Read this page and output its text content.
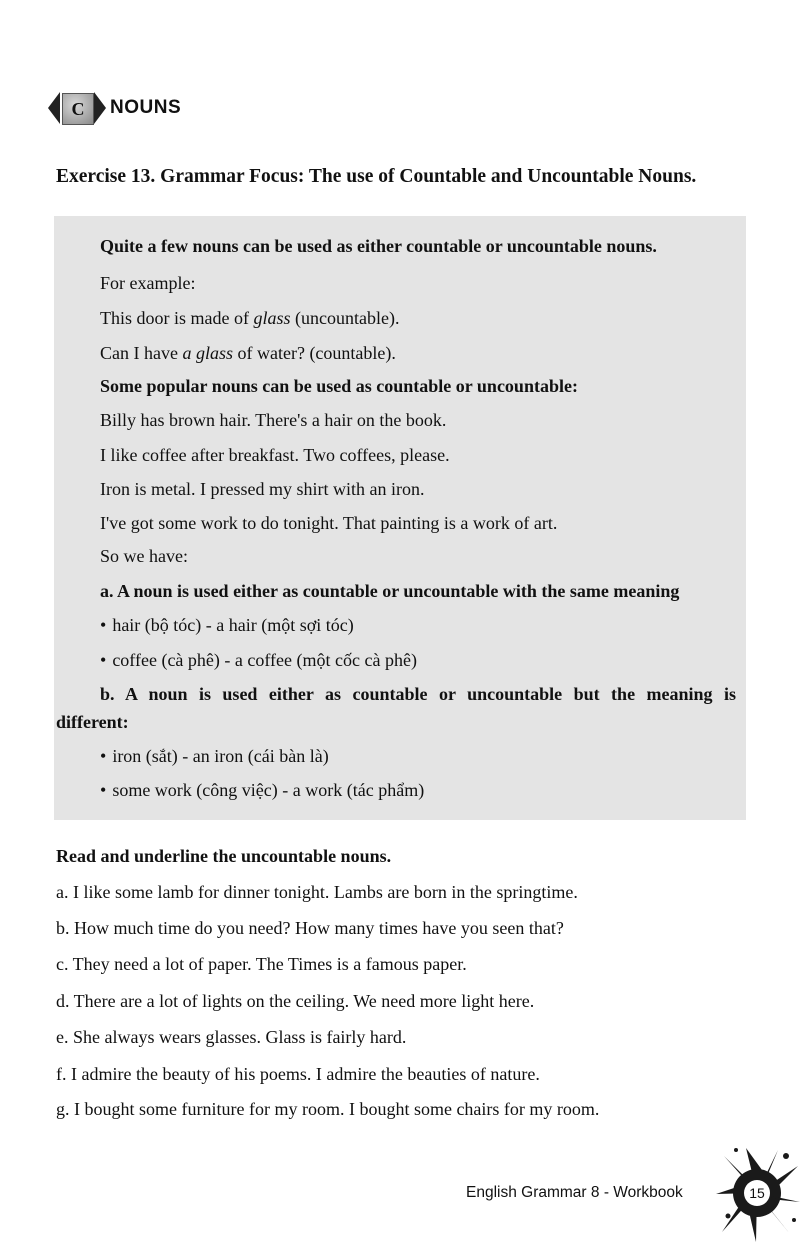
C	NOUNS
Exercise 13. Grammar Focus: The use of Countable and Uncountable Nouns.
Quite a few nouns can be used as either countable or uncountable nouns.
For example:
This door is made of glass (uncountable).
Can I have a glass of water? (countable).
Some popular nouns can be used as countable or uncountable:
Billy has brown hair. There's a hair on the book.
I like coffee after breakfast. Two coffees, please.
Iron is metal. I pressed my shirt with an iron.
I've got some work to do tonight. That painting is a work of art.
So we have:
a. A noun is used either as countable or uncountable with the same meaning
• hair (bộ tóc) - a hair (một sợi tóc)
• coffee (cà phê) - a coffee (một cốc cà phê)
b. A noun is used either as countable or uncountable but the meaning is
different:
• iron (sắt) - an iron (cái bàn là)
• some work (công việc) - a work (tác phẩm)
Read and underline the uncountable nouns.
a. I like some lamb for dinner tonight. Lambs are born in the springtime.
b. How much time do you need? How many times have you seen that?
c. They need a lot of paper. The Times is a famous paper.
d. There are a lot of lights on the ceiling. We need more light here.
e. She always wears glasses. Glass is fairly hard.
f. I admire the beauty of his poems. I admire the beauties of nature.
g. I bought some furniture for my room. I bought some chairs for my room.
English Grammar 8 - Workbook	15
